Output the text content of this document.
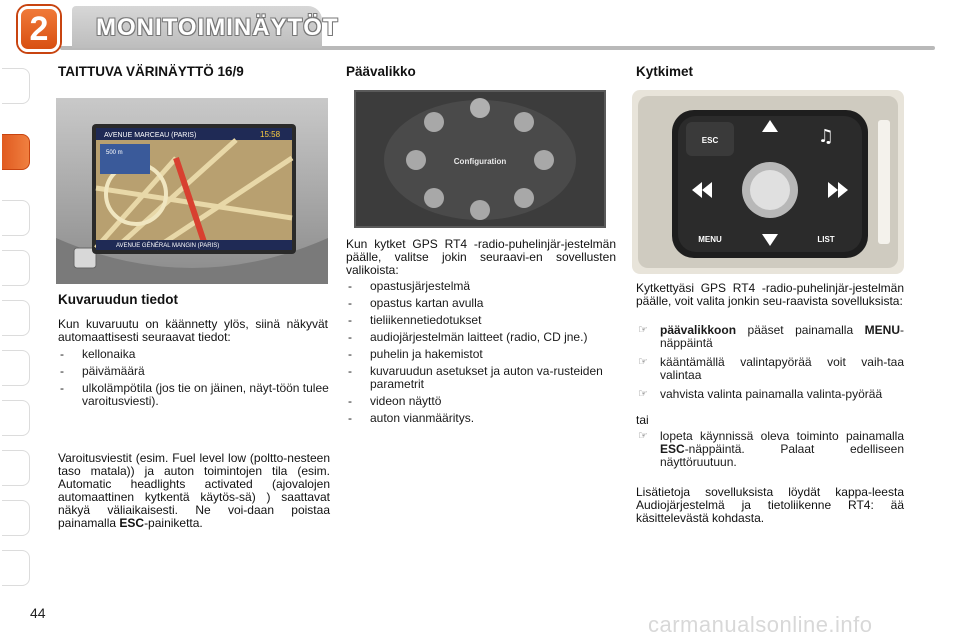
2	MONITOIMINÄYTÖT
TAITTUVA VÄRINÄYTTÖ 16/9
AVENUE MARCEAU (PARIS)	15:58
500 m
AVENUE GÉNÉRAL MANGIN (PARIS)
Kuvaruudun tiedot
Kun kuvaruutu on käännetty ylös, siinä näkyvät automaattisesti seuraavat tiedot:
- kellonaika
- päivämäärä
- ulkolämpötila (jos tie on jäinen, näyt-töön tulee varoitusviesti).
Varoitusviestit (esim. Fuel level low (poltto-nesteen taso matala)) ja auton toimintojen tila (esim. Automatic headlights activated (ajovalojen automaattinen kytkentä käytös-sä) ) saattavat näkyä väliaikaisesti. Ne voi-daan poistaa painamalla ESC-painiketta.
Päävalikko
Configuration
Kun kytket GPS RT4 -radio-puhelinjär-jestelmän päälle, valitse jokin seuraavi-en sovellusten valikoista:
- opastusjärjestelmä
- opastus kartan avulla
- tieliikennetiedotukset
- audiojärjestelmän laitteet (radio, CD jne.)
- puhelin ja hakemistot
- kuvaruudun asetukset ja auton va-rusteiden parametrit
- videon näyttö
- auton vianmääritys.
Kytkimet
ESC	♫
MENU	LIST
Kytkettyäsi GPS RT4 -radio-puhelinjär-jestelmän päälle, voit valita jonkin seu-raavista sovelluksista:
☞ päävalikkoon pääset painamalla MENU-näppäintä
☞ kääntämällä valintapyörää voit vaih-taa valintaa
☞ vahvista valinta painamalla valinta-pyörää
tai
☞ lopeta käynnissä oleva toiminto painamalla ESC-näppäintä. Palaat edelliseen näyttöruutuun.
Lisätietoja sovelluksista löydät kappa-leesta Audiojärjestelmä ja tietoliikenne RT4: ää käsittelevästä kohdasta.
44	carmanualsonline.info
